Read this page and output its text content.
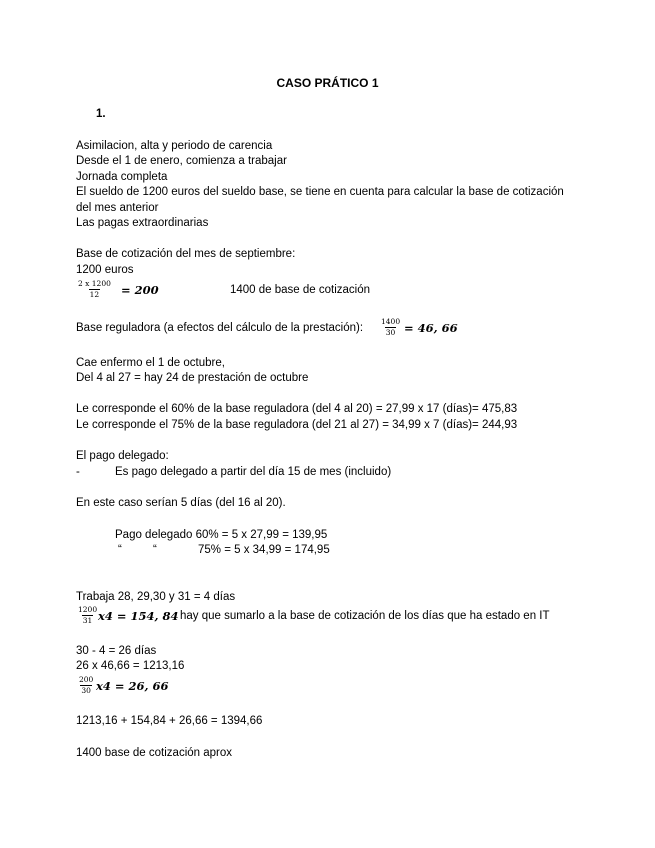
CASO PRÁTICO 1
1.
Asimilacion, alta y periodo de carencia
Desde el 1 de enero, comienza a trabajar
Jornada completa
El sueldo de 1200 euros del sueldo base, se tiene en cuenta para calcular la base de cotización
del mes anterior
Las pagas extraordinarias
Base de cotización del mes de septiembre:
1200 euros
$\frac{2 x 1200}{12} = 200$	1400 de base de cotización
Base reguladora (a efectos del cálculo de la prestación): $\frac{1400}{30} = 46$, 66
Cae enfermo el 1 de octubre,
Del 4 al 27 = hay 24 de prestación de octubre
Le corresponde el 60% de la base reguladora (del 4 al 20) = 27,99 x 17 (días)= 475,83
Le corresponde el 75% de la base reguladora (del 21 al 27) = 34,99 x 7 (días)= 244,93
El pago delegado:
-	Es pago delegado a partir del día 15 de mes (incluido)
En este caso serían 5 días (del 16 al 20).
Pago delegado 60% = 5 x 27,99 = 139,95
“	“	75% = 5 x 34,99 = 174,95
Trabaja 28, 29,30 y 31 = 4 días
$\frac{1200}{31} x4 = 154$, 84 hay que sumarlo a la base de cotización de los días que ha estado en IT
30 - 4 = 26 días
26 x 46,66 = 1213,16
$\frac{200}{30} x4 = 26$, 66
1213,16 + 154,84 + 26,66 = 1394,66
1400 base de cotización aprox
